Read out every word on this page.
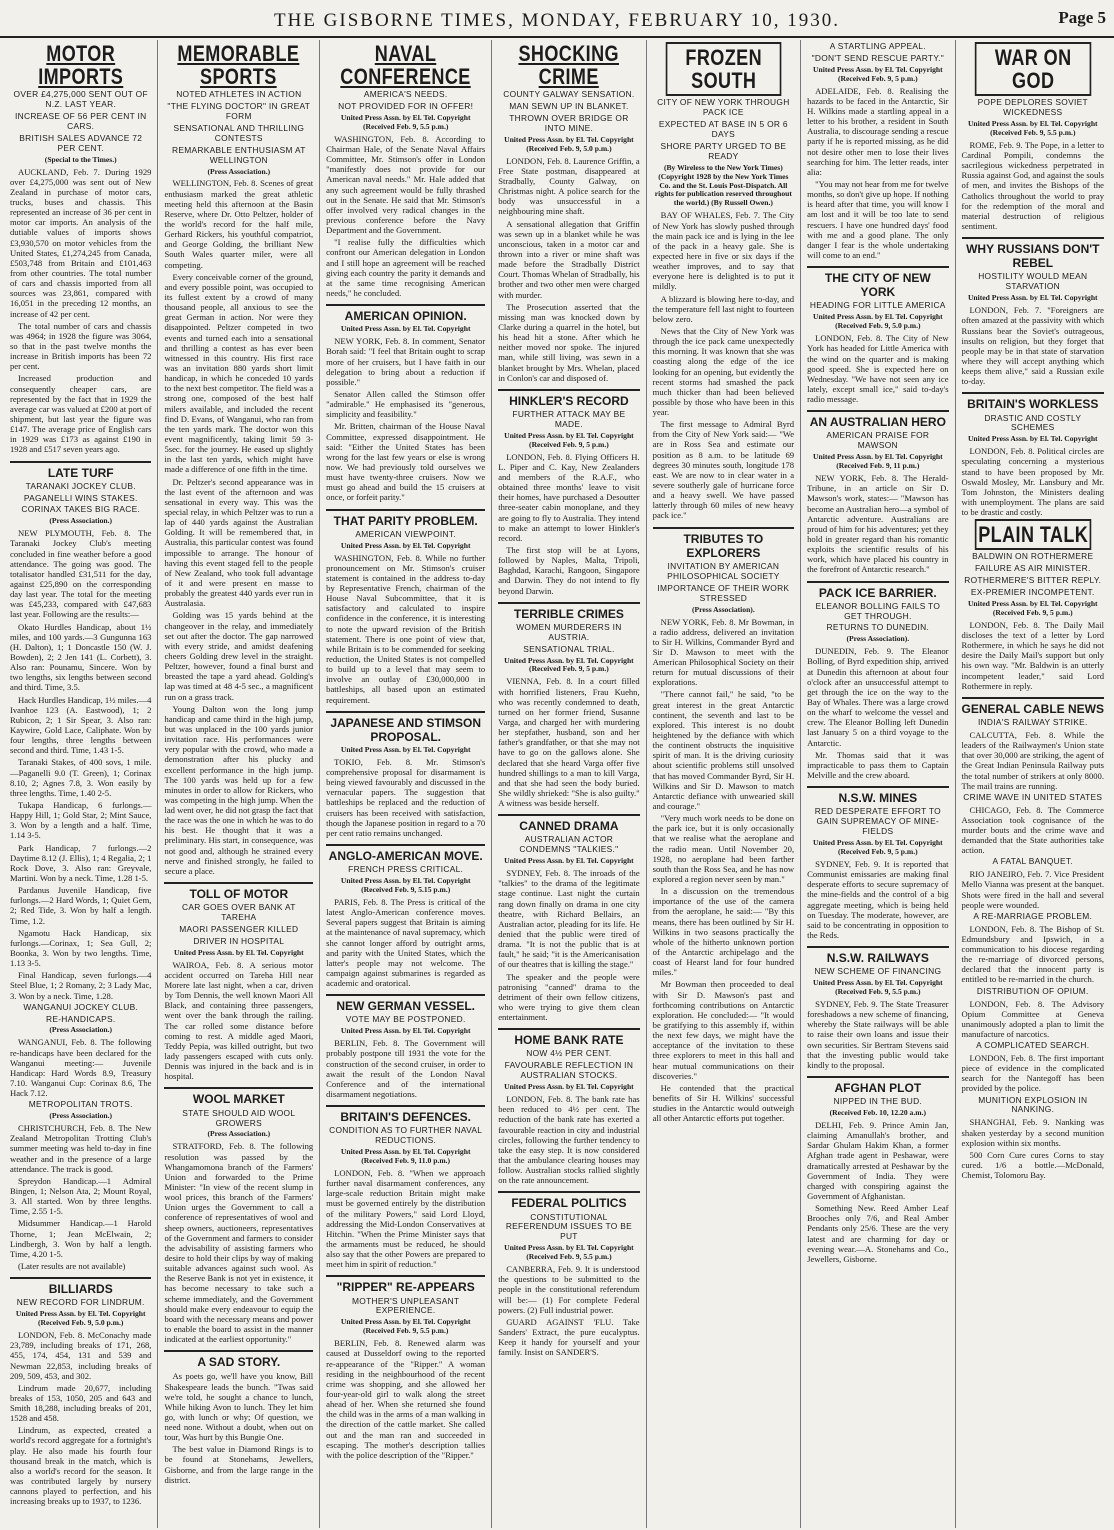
THE GISBORNE TIMES, MONDAY, FEBRUARY 10, 1930.	Page 5
MOTOR IMPORTS
OVER £4,275,000 SENT OUT OF N.Z. LAST YEAR.
INCREASE OF 56 PER CENT IN CARS.
BRITISH SALES ADVANCE 72 PER CENT.
(Special to the Times.)

AUCKLAND, Feb. 7. During 1929 over £4,275,000 was sent out of New Zealand in purchase of motor cars, trucks, buses and chassis. This represented an increase of 36 per cent in motor car imports. An analysis of the dutiable values of imports shows £3,930,570 on motor vehicles from the United States, £1,274,245 from Canada, £503,748 from Britain and £101,463 from other countries. The total number of cars and chassis imported from all sources was 23,861, compared with 16,051 in the preceding 12 months, an increase of 42 per cent.

The total number of cars and chassis was 4964; in 1928 the figure was 3064, so that in the past twelve months the increase in British imports has been 72 per cent.

Increased production and consequently cheaper cars, are represented by the fact that in 1929 the average car was valued at £200 at port of shipment, but last year the figure was £147. The average price of English cars in 1929 was £173 as against £190 in 1928 and £517 seven years ago.

LATE TURF
TARANAKI JOCKEY CLUB.
PAGANELLI WINS STAKES.
CORINAX TAKES BIG RACE.
(Press Association.)

NEW PLYMOUTH, Feb. 8. The Taranaki Jockey Club's meeting concluded in fine weather before a good attendance. The going was good. The totalisator handled £31,511 for the day, against £25,890 on the corresponding day last year. The total for the meeting was £45,233, compared with £47,683 last year. Following are the results:—

Okato Hurdles Handicap, about 1½ miles, and 100 yards.—3 Gungunna 163 (H. Dalton), 1; 1 Doncastle 150 (W. J. Bowden), 2; 2 Jen 141 (L. Corbett), 3. Also ran: Pounamu, Sincere. Won by two lengths, six lengths between second and third. Time, 3.5.

Hack Hurdles Handicap, 1½ miles.—4 Ivanhoe 123 (A. Eastwood), 1; 2 Rubicon, 2; 1 Sir Spear, 3. Also ran: Kaywire, Gold Lace, Caliphate. Won by four lengths, three lengths between second and third. Time, 1.43 1-5.

Taranaki Stakes, of 400 sovs, 1 mile.—Paganelli 9.0 (T. Green), 1; Corinax 8.10, 2; Agnes 7.8, 3. Won easily by three lengths. Time, 1.40 2-5.

Tukapa Handicap, 6 furlongs.—Happy Hill, 1; Gold Star, 2; Mint Sauce, 3. Won by a length and a half. Time, 1.14 3-5.

Park Handicap, 7 furlongs.—2 Daytime 8.12 (J. Ellis), 1; 4 Regalia, 2; 1 Rock Dove, 3. Also ran: Greyvale, Martini. Won by a neck. Time, 1.28 1-5.

Pardanus Juvenile Handicap, five furlongs.—2 Hard Words, 1; Quiet Gem, 2; Red Tide, 3. Won by half a length. Time, 1.2.

Ngamotu Hack Handicap, six furlongs.—Corinax, 1; Sea Gull, 2; Boonka, 3. Won by two lengths. Time, 1.13 3-5.

Final Handicap, seven furlongs.—4 Steel Blue, 1; 2 Romany, 2; 3 Lady Mac, 3. Won by a neck. Time, 1.28.

WANGANUI JOCKEY CLUB.
RE-HANDICAPS.
(Press Association.)

WANGANUI, Feb. 8. The following re-handicaps have been declared for the Wanganui meeting:— Juvenile Handicap: Hard Words 8.9, Treasury 7.10. Wanganui Cup: Corinax 8.6, The Hack 7.12.

METROPOLITAN TROTS.
(Press Association.)

CHRISTCHURCH, Feb. 8. The New Zealand Metropolitan Trotting Club's summer meeting was held to-day in fine weather and in the presence of a large attendance. The track is good.

Spreydon Handicap.—1 Admiral Bingen, 1; Nelson Ata, 2; Mount Royal, 3. All started. Won by three lengths. Time, 2.55 1-5.

Midsummer Handicap.—1 Harold Thorne, 1; Jean McElwain, 2; Lindbergh, 3. Won by half a length. Time, 4.20 1-5.

(Later results are not available)

BILLIARDS
NEW RECORD FOR LINDRUM.
United Press Assn. by El. Tel. Copyright (Received Feb. 9, 5.0 p.m.)

LONDON, Feb. 8. McConachy made 23,789, including breaks of 171, 268, 455, 174, 454, 131 and 539 and Newman 22,853, including breaks of 209, 509, 453, and 302.

Lindrum made 20,677, including breaks of 153, 1050, 205 and 643 and Smith 18,288, including breaks of 201, 1528 and 458.

Lindrum, as expected, created a world's record aggregate for a fortnight's play. He also made his fourth four thousand break in the match, which is also a world's record for the season. It was contributed largely by nursery cannons played to perfection, and his increasing breaks up to 1937, to 1236.

MEMORABLE SPORTS
NOTED ATHLETES IN ACTION
"THE FLYING DOCTOR" IN GREAT FORM
SENSATIONAL AND THRILLING CONTESTS
REMARKABLE ENTHUSIASM AT WELLINGTON
(Press Association.)

WELLINGTON, Feb. 8. Scenes of great enthusiasm marked the great athletic meeting held this afternoon at the Basin Reserve, where Dr. Otto Peltzer, holder of the world's record for the half mile, Gerhard Rickers, his youthful compatriot, and George Golding, the brilliant New South Wales quarter miler, were all competing.

Every conceivable corner of the ground, and every possible point, was occupied to its fullest extent by a crowd of many thousand people, all anxious to see the great German in action. Nor were they disappointed. Peltzer competed in two events and turned each into a sensational and thrilling a contest as has ever been witnessed in this country. His first race was an invitation 880 yards short limit handicap, in which he conceded 10 yards to the next best competitor. The field was a strong one, composed of the best half milers available, and included the recent find D. Evans, of Wanganui, who ran from the ten yards mark. The doctor won this event magnificently, taking limit 59 3-5sec. for the journey. He eased up slightly in the last ten yards, which might have made a difference of one fifth in the time.

Dr. Peltzer's second appearance was in the last event of the afternoon and was sensational in every way. This was the special relay, in which Peltzer was to run a lap of 440 yards against the Australian Golding. It will be remembered that, in Australia, this particular contest was found impossible to arrange. The honour of having this event staged fell to the people of New Zealand, who took full advantage of it and were present en masse to probably the greatest 440 yards ever run in Australasia.

Golding was 15 yards behind at the changeover in the relay, and immediately set out after the doctor. The gap narrowed with every stride, and amidst deafening cheers Golding drew level in the straight. Peltzer, however, found a final burst and breasted the tape a yard ahead. Golding's lap was timed at 48 4-5 sec., a magnificent run on a grass track.

Young Dalton won the long jump handicap and came third in the high jump, but was unplaced in the 100 yards junior invitation race. His performances were very popular with the crowd, who made a demonstration after his plucky and excellent performance in the high jump. The 100 yards was held up for a few minutes in order to allow for Rickers, who was competing in the high jump. When the lad went over, he did not grasp the fact that the race was the one in which he was to do his best. He thought that it was a preliminary. His start, in consequence, was not good and, although he strained every nerve and finished strongly, he failed to secure a place.

TOLL OF MOTOR
CAR GOES OVER BANK AT TAREHA
MAORI PASSENGER KILLED
DRIVER IN HOSPITAL
United Press Assn. by El. Tel. Copyright

WAIROA, Feb. 8. A serious motor accident occurred on Tareha Hill near Morere late last night, when a car, driven by Tom Dennis, the well known Maori All Black, and containing three passengers, went over the bank through the railing. The car rolled some distance before coming to rest. A middle aged Maori, Teddy Pepia, was killed outright, but two lady passengers escaped with cuts only. Dennis was injured in the back and is in hospital.

WOOL MARKET
STATE SHOULD AID WOOL GROWERS
(Press Association.)

STRATFORD, Feb. 8. The following resolution was passed by the Whangamomona branch of the Farmers' Union and forwarded to the Prime Minister: "In view of the recent slump in wool prices, this branch of the Farmers' Union urges the Government to call a conference of representatives of wool and sheep owners, auctioneers, representatives of the Government and farmers to consider the advisability of assisting farmers who desire to hold their clips by way of making suitable advances against such wool. As the Reserve Bank is not yet in existence, it has become necessary to take such a scheme immediately, and the Government should make every endeavour to equip the board with the necessary means and power to enable the board to assist in the manner indicated at the earliest opportunity."

A SAD STORY.

As poets go, we'll have you know, Bill Shakespeare leads the bunch. "Twas said we're told, he sought a chance to lunch, While hiking Avon to lunch. They let him go, with lunch or why; Of question, we need none. Without a doubt, when out on tour, Was hurt by this Bungie One.

The best value in Diamond Rings is to be found at Stonehams, Jewellers, Gisborne, and from the large range in the district.

NAVAL CONFERENCE
AMERICA'S NEEDS.
NOT PROVIDED FOR IN OFFER!
United Press Assn. by El. Tel. Copyright (Received Feb. 9, 5.5 p.m.)

WASHINGTON, Feb. 8. According to Chairman Hale, of the Senate Naval Affairs Committee, Mr. Stimson's offer in London "manifestly does not provide for our American naval needs." Mr. Hale added that any such agreement would be fully thrashed out in the Senate. He said that Mr. Stimson's offer involved very radical changes in the previous conference before the Navy Department and the Government.

"I realise fully the difficulties which confront our American delegation in London and I still hope an agreement will be reached giving each country the parity it demands and at the same time recognising American needs," he concluded.

AMERICAN OPINION.
United Press Assn. by El. Tel. Copyright

NEW YORK, Feb. 8. In comment, Senator Borah said: "I feel that Britain ought to scrap more of her cruisers, but I have faith in our delegation to bring about a reduction if possible."

Senator Allen called the Stimson offer "admirable." He emphasised its "generous, simplicity and feasibility."

Mr. Britten, chairman of the House Naval Committee, expressed disappointment. He said: "Either the United States has been wrong for the last few years or else is wrong now. We had previously told ourselves we must have twenty-three cruisers. Now we must go ahead and build the 15 cruisers at once, or forfeit parity."

THAT PARITY PROBLEM.
AMERICAN VIEWPOINT.
United Press Assn. by El. Tel. Copyright

WASHINGTON, Feb. 8. While no further pronouncement on Mr. Stimson's cruiser statement is contained in the address to-day by Representative French, chairman of the House Naval Subcommittee, that it is satisfactory and calculated to inspire confidence in the conference, it is interesting to note the upward revision of the British statement. There is one point of view that, while Britain is to be commended for seeking reduction, the United States is not compelled to build up to a level that may seem to involve an outlay of £30,000,000 in battleships, all based upon an estimated requirement.

JAPANESE AND STIMSON PROPOSAL.
United Press Assn. by El. Tel. Copyright

TOKIO, Feb. 8. Mr. Stimson's comprehensive proposal for disarmament is being viewed favourably and discussed in the vernacular papers. The suggestion that battleships be replaced and the reduction of cruisers has been received with satisfaction, though the Japanese position in regard to a 70 per cent ratio remains unchanged.

ANGLO-AMERICAN MOVE.
FRENCH PRESS CRITICAL.
United Press Assn. by El. Tel. Copyright (Received Feb. 9, 5.15 p.m.)

PARIS, Feb. 8. The Press is critical of the latest Anglo-American conference moves. Several papers suggest that Britain is aiming at the maintenance of naval supremacy, which she cannot longer afford by outright arms, and parity with the United States, which the latter's people may not welcome. The campaign against submarines is regarded as academic and oratorical.

NEW GERMAN VESSEL.
VOTE MAY BE POSTPONED.
United Press Assn. by El. Tel. Copyright

BERLIN, Feb. 8. The Government will probably postpone till 1931 the vote for the construction of the second cruiser, in order to await the result of the London Naval Conference and of the international disarmament negotiations.

BRITAIN'S DEFENCES.
CONDITION AS TO FURTHER NAVAL REDUCTIONS.
United Press Assn. by El. Tel. Copyright (Received Feb. 9, 11.0 p.m.)

LONDON, Feb. 8. "When we approach further naval disarmament conferences, any large-scale reduction Britain might make must be governed entirely by the distribution of the military Powers," said Lord Lloyd, addressing the Mid-London Conservatives at Hitchin. "When the Prime Minister says that the armaments must be reduced, he should also say that the other Powers are prepared to meet him in spirit of reduction."

"RIPPER" RE-APPEARS
MOTHER'S UNPLEASANT EXPERIENCE.
United Press Assn. by El. Tel. Copyright (Received Feb. 9, 5.5 p.m.)

BERLIN, Feb. 8. Renewed alarm was caused at Dusseldorf owing to the reported re-appearance of the "Ripper." A woman residing in the neighbourhood of the recent crime was shopping, and she allowed her four-year-old girl to walk along the street ahead of her. When she returned she found the child was in the arms of a man walking in the direction of the cattle market. She called out and the man ran and succeeded in escaping. The mother's description tallies with the police description of the "Ripper."

SHOCKING CRIME
COUNTY GALWAY SENSATION.
MAN SEWN UP IN BLANKET.
THROWN OVER BRIDGE OR INTO MINE.
United Press Assn. by El. Tel. Copyright (Received Feb. 9, 5.0 p.m.)

LONDON, Feb. 8. Laurence Griffin, a Free State postman, disappeared at Stradbally, County Galway, on Christmas night. A police search for the body was unsuccessful in a neighbouring mine shaft.

A sensational allegation that Griffin was sewn up in a blanket while he was unconscious, taken in a motor car and thrown into a river or mine shaft was made before the Stradbally District Court. Thomas Whelan of Stradbally, his brother and two other men were charged with murder.

The Prosecution asserted that the missing man was knocked down by Clarke during a quarrel in the hotel, but his head hit a stone. After which he neither moved nor spoke. The injured man, while still living, was sewn in a blanket brought by Mrs. Whelan, placed in Conlon's car and disposed of.

HINKLER'S RECORD
FURTHER ATTACK MAY BE MADE.
United Press Assn. by El. Tel. Copyright (Received Feb. 9, 5 p.m.)

LONDON, Feb. 8. Flying Officers H. L. Piper and C. Kay, New Zealanders and members of the R.A.F., who obtained three months' leave to visit their homes, have purchased a Desoutter three-seater cabin monoplane, and they are going to fly to Australia. They intend to make an attempt to lower Hinkler's record.

The first stop will be at Lyons, followed by Naples, Malta, Tripoli, Baghdad, Karachi, Rangoon, Singapore and Darwin. They do not intend to fly beyond Darwin.

TERRIBLE CRIMES
WOMEN MURDERERS IN AUSTRIA.
SENSATIONAL TRIAL.
United Press Assn. by El. Tel. Copyright (Received Feb. 9, 5 p.m.)

VIENNA, Feb. 8. In a court filled with horrified listeners, Frau Kuehn, who was recently condemned to death, turned on her former friend, Susanne Varga, and charged her with murdering her stepfather, husband, son and her father's grandfather, or that she may not have to go on the gallows alone. She declared that she heard Varga offer five hundred shillings to a man to kill Varga, and that she had seen the body buried. She wildly shrieked: "She is also guilty." A witness was beside herself.

CANNED DRAMA
AUSTRALIAN ACTOR CONDEMNS "TALKIES."
United Press Assn. by El. Tel. Copyright

SYDNEY, Feb. 8. The inroads of the "talkies" to the drama of the legitimate stage continue. Last night the curtain rang down finally on drama in one city theatre, with Richard Bellairs, an Australian actor, pleading for its life. He denied that the public were tired of drama. "It is not the public that is at fault," he said; "it is the Americanisation of our theatres that is killing the stage."

The speaker and the people were patronising "canned" drama to the detriment of their own fellow citizens, who were trying to give them clean entertainment.

HOME BANK RATE
NOW 4½ PER CENT.
FAVOURABLE REFLECTION IN AUSTRALIAN STOCKS.
United Press Assn. by El. Tel. Copyright

LONDON, Feb. 8. The bank rate has been reduced to 4½ per cent. The reduction of the bank rate has exerted a favourable reaction in city and industrial circles, following the further tendency to take the easy step. It is now considered that the ambulance clearing houses may follow. Australian stocks rallied slightly on the rate announcement.

FEDERAL POLITICS
CONSTITUTIONAL REFERENDUM ISSUES TO BE PUT
United Press Assn. by El. Tel. Copyright (Received Feb. 9, 5.5 p.m.)

CANBERRA, Feb. 9. It is understood the questions to be submitted to the people in the constitutional referendum will be:— (1) For complete Federal powers. (2) Full industrial power.

GUARD AGAINST 'FLU. Take Sanders' Extract, the pure eucalyptus. Keep it handy for yourself and your family. Insist on SANDER'S.

FROZEN SOUTH
CITY OF NEW YORK THROUGH PACK ICE
EXPECTED AT BASE IN 5 OR 6 DAYS
SHORE PARTY URGED TO BE READY
(By Wireless to the New York Times) (Copyright 1928 by the New York Times Co. and the St. Louis Post-Dispatch. All rights for publication reserved throughout the world.) (By Russell Owen.)

BAY OF WHALES, Feb. 7. The City of New York has slowly pushed through the main pack ice and is lying in the lee of the pack in a heavy gale. She is expected here in five or six days if the weather improves, and to say that everyone here is delighted is to put it mildly.

A blizzard is blowing here to-day, and the temperature fell last night to fourteen below zero.

News that the City of New York was through the ice pack came unexpectedly this morning. It was known that she was coasting along the edge of the ice looking for an opening, but evidently the recent storms had smashed the pack much thicker than had been believed possible by those who have been in this year.

The first message to Admiral Byrd from the City of New York said:— "We are in Ross Sea and estimate our position as 8 a.m. to be latitude 69 degrees 30 minutes south, longitude 178 east. We are now to in clear water in a severe southerly gale of hurricane force and a heavy swell. We have passed latterly through 60 miles of new heavy pack ice."

TRIBUTES TO EXPLORERS
INVITATION BY AMERICAN PHILOSOPHICAL SOCIETY
IMPORTANCE OF THEIR WORK STRESSED
(Press Association).

NEW YORK, Feb. 8. Mr Bowman, in a radio address, delivered an invitation to Sir H. Wilkins, Commander Byrd and Sir D. Mawson to meet with the American Philosophical Society on their return for mutual discussions of their explorations.

"There cannot fail," he said, "to be great interest in the great Antarctic continent, the seventh and last to be explored. This interest is no doubt heightened by the defiance with which the continent obstructs the inquisitive spirit of man. It is the driving curiosity about scientific problems still unsolved that has moved Commander Byrd, Sir H. Wilkins and Sir D. Mawson to match Antarctic defiance with unwearied skill and courage."

"Very much work needs to be done on the park ice, but it is only occasionally that we realise what the aeroplane and the radio mean. Until November 20, 1928, no aeroplane had been farther south than the Ross Sea, and he has now explored a region never seen by man."

In a discussion on the tremendous importance of the use of the camera from the aeroplane, he said:— "By this means, there has been outlined by Sir H. Wilkins in two seasons practically the whole of the hitherto unknown portion of the Antarctic archipelago and the coast of Hearst land for four hundred miles."

Mr Bowman then proceeded to deal with Sir D. Mawson's past and forthcoming contributions on Antarctic exploration. He concluded:— "It would be gratifying to this assembly if, within the next few days, we might have the acceptance of the invitation to these three explorers to meet in this hall and hear mutual communications on their discoveries."

He contended that the practical benefits of Sir H. Wilkins' successful studies in the Antarctic would outweigh all other Antarctic efforts put together.

A STARTLING APPEAL.
"DON'T SEND RESCUE PARTY."
United Press Assn. by El. Tel. Copyright (Received Feb. 9, 5 p.m.)

ADELAIDE, Feb. 8. Realising the hazards to be faced in the Antarctic, Sir H. Wilkins made a startling appeal in a letter to his brother, a resident in South Australia, to discourage sending a rescue party if he is reported missing, as he did not desire other men to lose their lives searching for him. The letter reads, inter alia:

"You may not hear from me for twelve months, so don't give up hope. If nothing is heard after that time, you will know I am lost and it will be too late to send rescuers. I have one hundred days' food with me and a good plane. The only danger I fear is the whole undertaking will come to an end."

THE CITY OF NEW YORK
HEADING FOR LITTLE AMERICA
United Press Assn. by El. Tel. Copyright (Received Feb. 9, 5.0 p.m.)

LONDON, Feb. 8. The City of New York has headed for Little America with the wind on the quarter and is making good speed. She is expected here on Wednesday. "We have not seen any ice lately, except small ice," said to-day's radio message.

AN AUSTRALIAN HERO
AMERICAN PRAISE FOR MAWSON
United Press Assn. by El. Tel. Copyright (Received Feb. 9, 11 p.m.)

NEW YORK, Feb. 8. The Herald-Tribune, in an article on Sir D. Mawson's work, states:— "Mawson has become an Australian hero—a symbol of Antarctic adventure. Australians are proud of him for his adventures; yet they hold in greater regard than his romantic exploits the scientific results of his work, which have placed his country in the forefront of Antarctic research."

PACK ICE BARRIER.
ELEANOR BOLLING FAILS TO GET THROUGH.
RETURNS TO DUNEDIN.
(Press Association).

DUNEDIN, Feb. 9. The Eleanor Bolling, of Byrd expedition ship, arrived at Dunedin this afternoon at about four o'clock after an unsuccessful attempt to get through the ice on the way to the Bay of Whales. There was a large crowd on the wharf to welcome the vessel and crew. The Eleanor Bolling left Dunedin last January 5 on a third voyage to the Antarctic.

Mr. Thomas said that it was impracticable to pass them to Captain Melville and the crew aboard.

N.S.W. MINES
RED DESPERATE EFFORT TO GAIN SUPREMACY OF MINE-FIELDS
United Press Assn. by El. Tel. Copyright (Received Feb. 9, 5 p.m.)

SYDNEY, Feb. 9. It is reported that Communist emissaries are making final desperate efforts to secure supremacy of the mine-fields and the control of a big aggregate meeting, which is being held on Tuesday. The moderate, however, are said to be concentrating in opposition to the Reds.

N.S.W. RAILWAYS
NEW SCHEME OF FINANCING
United Press Assn. by El. Tel. Copyright (Received Feb. 9, 5.5 p.m.)

SYDNEY, Feb. 9. The State Treasurer foreshadows a new scheme of financing, whereby the State railways will be able to raise their own loans and issue their own securities. Sir Bertram Stevens said that the investing public would take kindly to the proposal.

AFGHAN PLOT
NIPPED IN THE BUD.
(Received Feb. 10, 12.20 a.m.)

DELHI, Feb. 9. Prince Amin Jan, claiming Amanullah's brother, and Sardar Ghulam Hakim Khan, a former Afghan trade agent in Peshawar, were dramatically arrested at Peshawar by the Government of India. They were charged with conspiring against the Government of Afghanistan.

Something New. Reed Amber Leaf Brooches only 7/6, and Real Amber Pendants only 25/6. These are the very latest and are charming for day or evening wear.—A. Stonehams and Co., Jewellers, Gisborne.

WAR ON GOD
POPE DEPLORES SOVIET WICKEDNESS
United Press Assn. by El. Tel. Copyright (Received Feb. 9, 5.5 p.m.)

ROME, Feb. 9. The Pope, in a letter to Cardinal Pompili, condemns the sacrilegious wickedness perpetrated in Russia against God, and against the souls of men, and invites the Bishops of the Catholics throughout the world to pray for the redemption of the moral and material destruction of religious sentiment.

WHY RUSSIANS DON'T REBEL
HOSTILITY WOULD MEAN STARVATION
United Press Assn. by El. Tel. Copyright

LONDON, Feb. 7. "Foreigners are often amazed at the passivity with which Russians bear the Soviet's outrageous, insults on religion, but they forget that people may be in that state of starvation where they will accept anything which keeps them alive," said a Russian exile to-day.

BRITAIN'S WORKLESS
DRASTIC AND COSTLY SCHEMES
United Press Assn. by El. Tel. Copyright

LONDON, Feb. 8. Political circles are speculating concerning a mysterious stand to have been proposed by Mr. Oswald Mosley, Mr. Lansbury and Mr. Tom Johnston, the Ministers dealing with unemployment. The plans are said to be drastic and costly.

PLAIN TALK
BALDWIN ON ROTHERMERE
FAILURE AS AIR MINISTER.
ROTHERMERE'S BITTER REPLY.
EX-PREMIER INCOMPETENT.
United Press Assn. by El. Tel. Copyright (Received Feb. 9, 5 p.m.)

LONDON, Feb. 8. The Daily Mail discloses the text of a letter by Lord Rothermere, in which he says he did not desire the Daily Mail's support but only his own way. "Mr. Baldwin is an utterly incompetent leader," said Lord Rothermere in reply.

GENERAL CABLE NEWS
INDIA'S RAILWAY STRIKE.

CALCUTTA, Feb. 8. While the leaders of the Railwaymen's Union state that over 30,000 are striking, the agent of the Great Indian Peninsula Railway puts the total number of strikers at only 8000. The mail trains are running.

CRIME WAVE IN UNITED STATES

CHICAGO, Feb. 8. The Commerce Association took cognisance of the murder bouts and the crime wave and demanded that the State authorities take action.

A FATAL BANQUET.

RIO JANEIRO, Feb. 7. Vice President Mello Vianna was present at the banquet. Shots were fired in the hall and several people were wounded.

A RE-MARRIAGE PROBLEM.

LONDON, Feb. 8. The Bishop of St. Edmundsbury and Ipswich, in a communication to his diocese regarding the re-marriage of divorced persons, declared that the innocent party is entitled to be re-married in the church.

DISTRIBUTION OF OPIUM.

LONDON, Feb. 8. The Advisory Opium Committee at Geneva unanimously adopted a plan to limit the manufacture of narcotics.

A COMPLICATED SEARCH.

LONDON, Feb. 8. The first important piece of evidence in the complicated search for the Nantegoff has been provided by the police.

MUNITION EXPLOSION IN NANKING.

SHANGHAI, Feb. 9. Nanking was shaken yesterday by a second munition explosion within six months.

500 Corn Cure cures Corns to stay cured. 1/6 a bottle.—McDonald, Chemist, Tolomoru Bay.
